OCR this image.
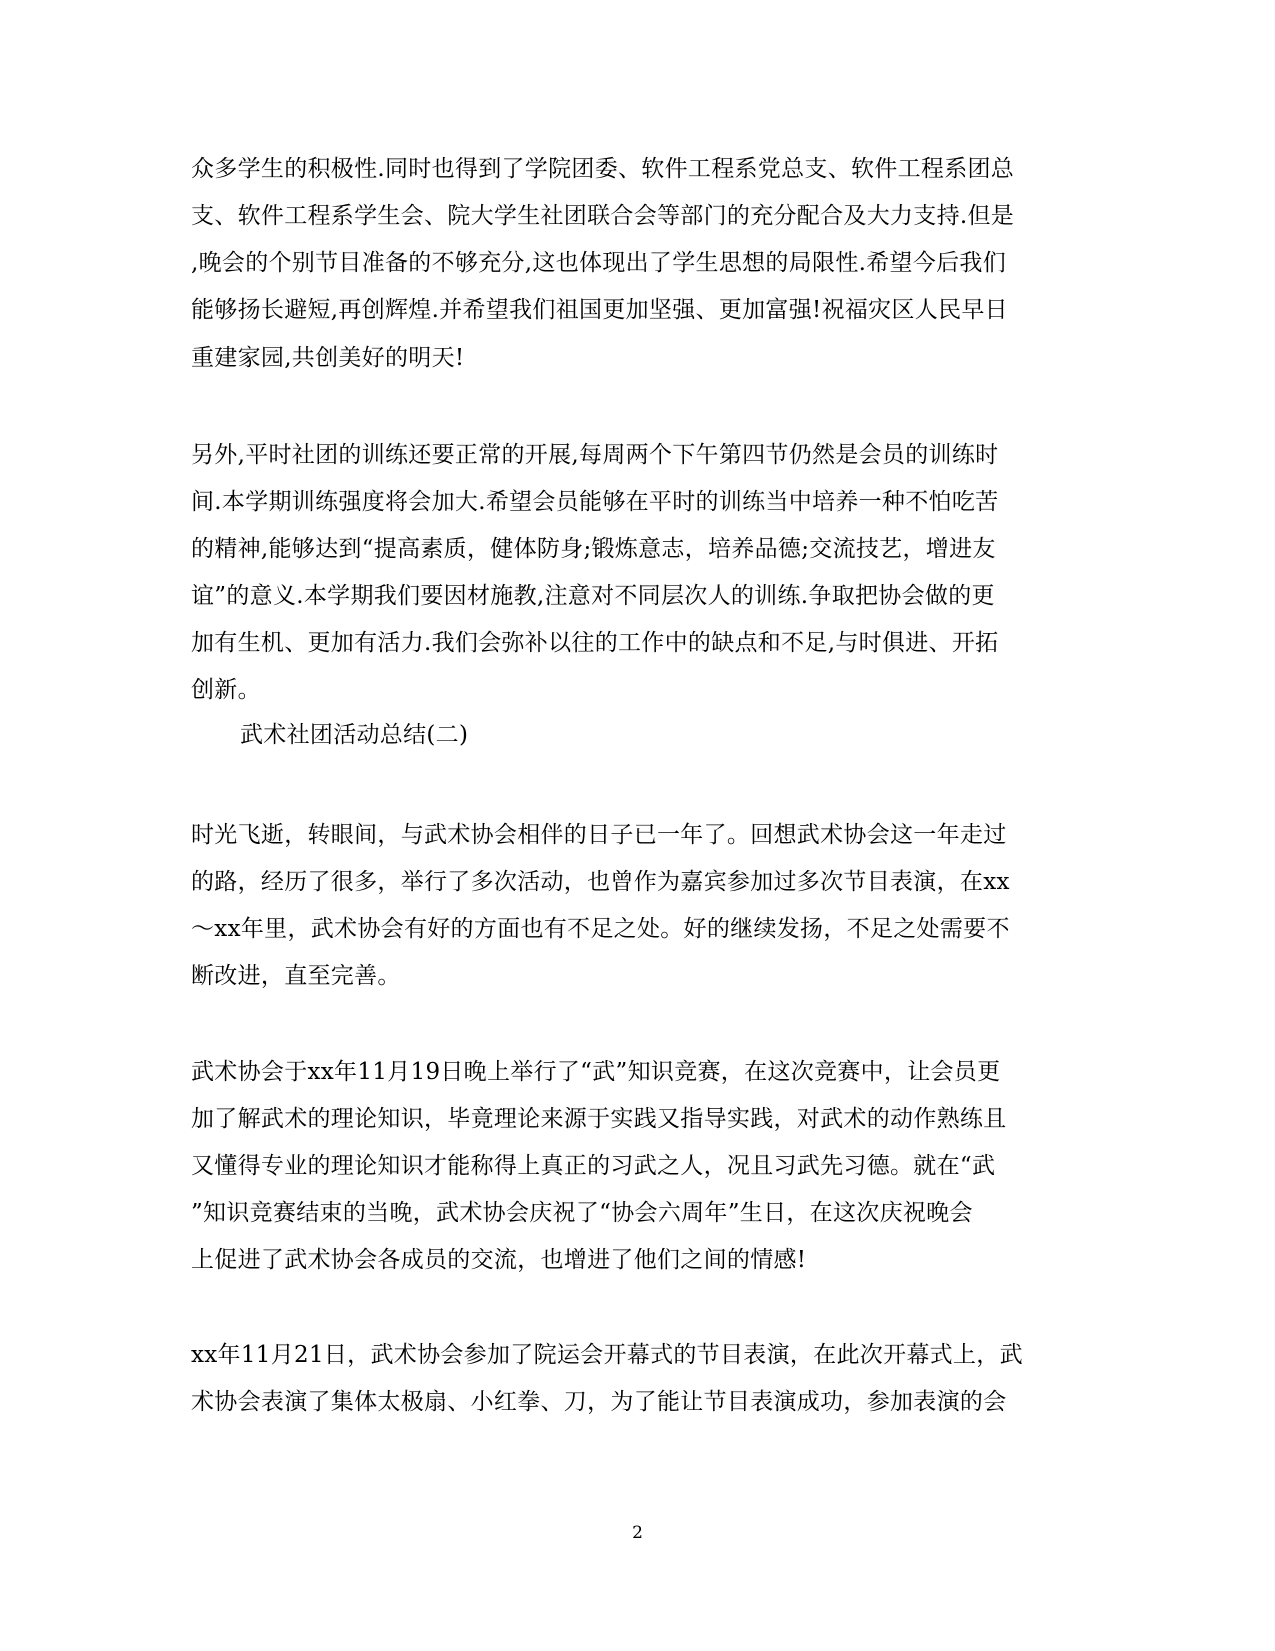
众多学生的积极性.同时也得到了学院团委、软件工程系党总支、软件工程系团总
支、软件工程系学生会、院大学生社团联合会等部门的充分配合及大力支持.但是
,晚会的个别节目准备的不够充分,这也体现出了学生思想的局限性.希望今后我们
能够扬长避短,再创辉煌.并希望我们祖国更加坚强、更加富强!祝福灾区人民早日
重建家园,共创美好的明天!
另外,平时社团的训练还要正常的开展,每周两个下午第四节仍然是会员的训练时
间.本学期训练强度将会加大.希望会员能够在平时的训练当中培养一种不怕吃苦
的精神,能够达到“提高素质，健体防身;锻炼意志，培养品德;交流技艺，增进友
谊”的意义.本学期我们要因材施教,注意对不同层次人的训练.争取把协会做的更
加有生机、更加有活力.我们会弥补以往的工作中的缺点和不足,与时俱进、开拓
创新。
武术社团活动总结(二)
时光飞逝，转眼间，与武术协会相伴的日子已一年了。回想武术协会这一年走过
的路，经历了很多，举行了多次活动，也曾作为嘉宾参加过多次节目表演，在xx
～xx年里，武术协会有好的方面也有不足之处。好的继续发扬，不足之处需要不
断改进，直至完善。
武术协会于xx年11月19日晚上举行了“武”知识竞赛，在这次竞赛中，让会员更
加了解武术的理论知识，毕竟理论来源于实践又指导实践，对武术的动作熟练且
又懂得专业的理论知识才能称得上真正的习武之人，况且习武先习德。就在“武
”知识竞赛结束的当晚，武术协会庆祝了“协会六周年”生日，在这次庆祝晚会
上促进了武术协会各成员的交流，也增进了他们之间的情感!
xx年11月21日，武术协会参加了院运会开幕式的节目表演，在此次开幕式上，武
术协会表演了集体太极扇、小红拳、刀，为了能让节目表演成功，参加表演的会
2
